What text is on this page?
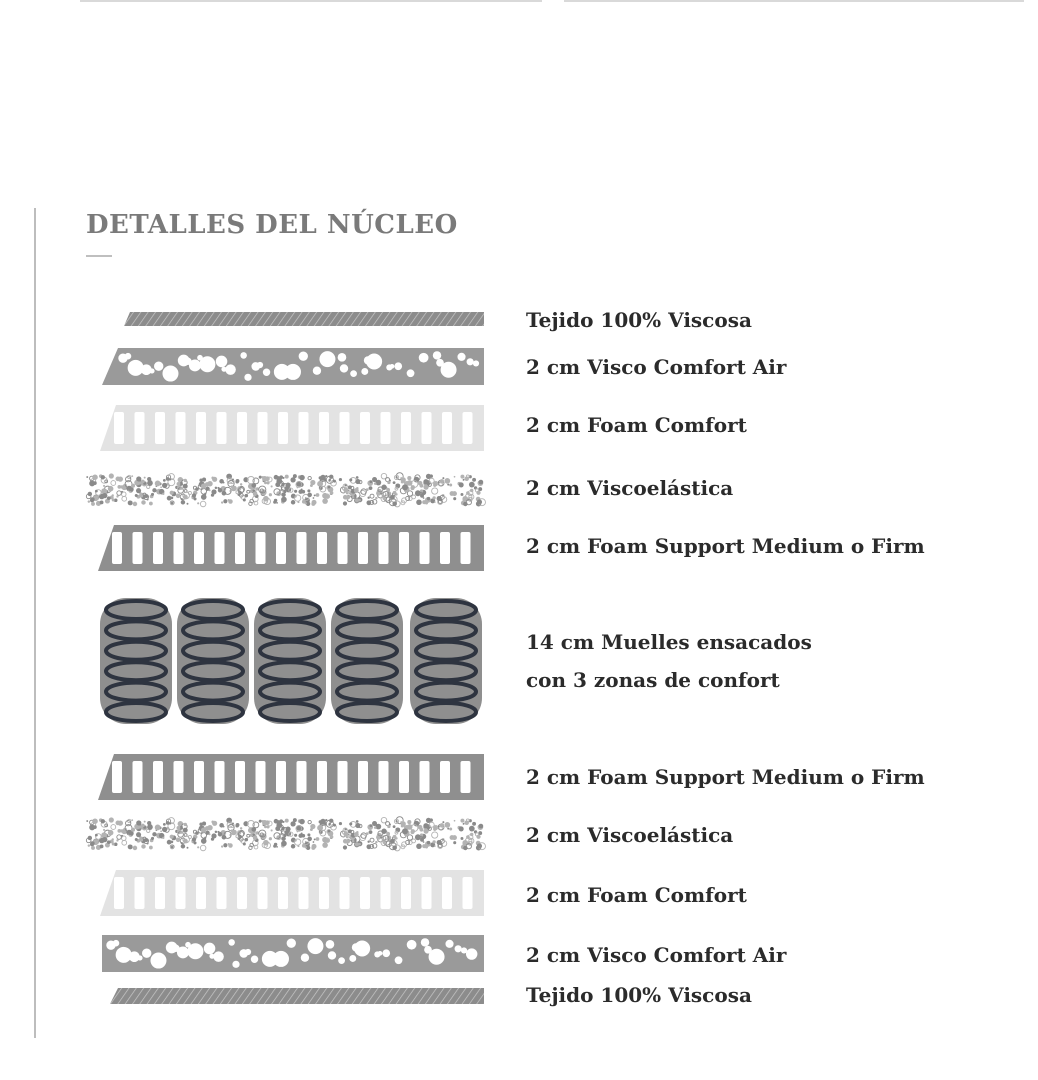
DETALLES DEL NÚCLEO
Tejido 100% Viscosa
2 cm Visco Comfort Air
2 cm Foam Comfort
2 cm Viscoelástica
2 cm Foam Support Medium o Firm
14 cm Muelles ensacados
con 3 zonas de confort
2 cm Foam Support Medium o Firm
2 cm Viscoelástica
2 cm Foam Comfort
2 cm Visco Comfort Air
Tejido 100% Viscosa
